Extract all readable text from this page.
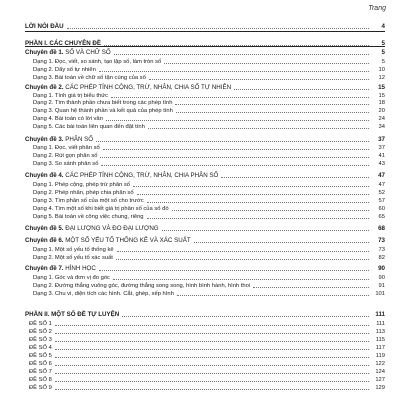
Trang
LỜI NÓI ĐẦU	4
PHẦN I. CÁC CHUYÊN ĐỀ	5
Chuyên đề 1. SỐ VÀ CHỮ SỐ	5
Dạng 1. Đọc, viết, so sánh, tạo lập số, làm tròn số	5
Dạng 2. Dãy số tự nhiên	10
Dạng 3. Bài toán về chữ số tận cùng của số	12
Chuyên đề 2. CÁC PHÉP TÍNH CỘNG, TRỪ, NHÂN, CHIA SỐ TỰ NHIÊN	15
Dạng 1. Tính giá trị biểu thức	15
Dạng 2. Tìm thành phần chưa biết trong các phép tính	18
Dạng 3. Quan hệ thành phần và kết quả của phép tính	20
Dạng 4. Bài toán có lời văn	24
Dạng 5. Các bài toán liên quan đến đặt tính	34
Chuyên đề 3. PHÂN SỐ	37
Dạng 1. Đọc, viết phân số	37
Dạng 2. Rút gọn phân số	41
Dạng 3. So sánh phân số	43
Chuyên đề 4. CÁC PHÉP TÍNH CỘNG, TRỪ, NHÂN, CHIA PHÂN SỐ	47
Dạng 1. Phép cộng, phép trừ phân số	47
Dạng 2. Phép nhân, phép chia phân số	52
Dạng 3. Tìm phân số của một số cho trước	57
Dạng 4. Tìm một số khi biết giá trị phân số của số đó	60
Dạng 5. Bài toán về công việc chung, riêng	65
Chuyên đề 5. ĐẠI LƯỢNG VÀ ĐO ĐẠI LƯỢNG	68
Chuyên đề 6. MỘT SỐ YẾU TỐ THỐNG KÊ VÀ XÁC SUẤT	73
Dạng 1. Một số yếu tố thống kê	73
Dạng 2. Một số yếu tố xác suất	82
Chuyên đề 7. HÌNH HỌC	90
Dạng 1. Góc và đơn vị đo góc	90
Dạng 2. Đường thẳng vuông góc, đường thẳng song song, hình bình hành, hình thoi	91
Dạng 3. Chu vi, diện tích các hình. Cắt, ghép, xếp hình	101
PHẦN II. MỘT SỐ ĐỀ TỰ LUYỆN	111
ĐỀ SỐ 1	111
ĐỀ SỐ 2	113
ĐỀ SỐ 3	115
ĐỀ SỐ 4	117
ĐỀ SỐ 5	119
ĐỀ SỐ 6	122
ĐỀ SỐ 7	124
ĐỀ SỐ 8	127
ĐỀ SỐ 9	129
